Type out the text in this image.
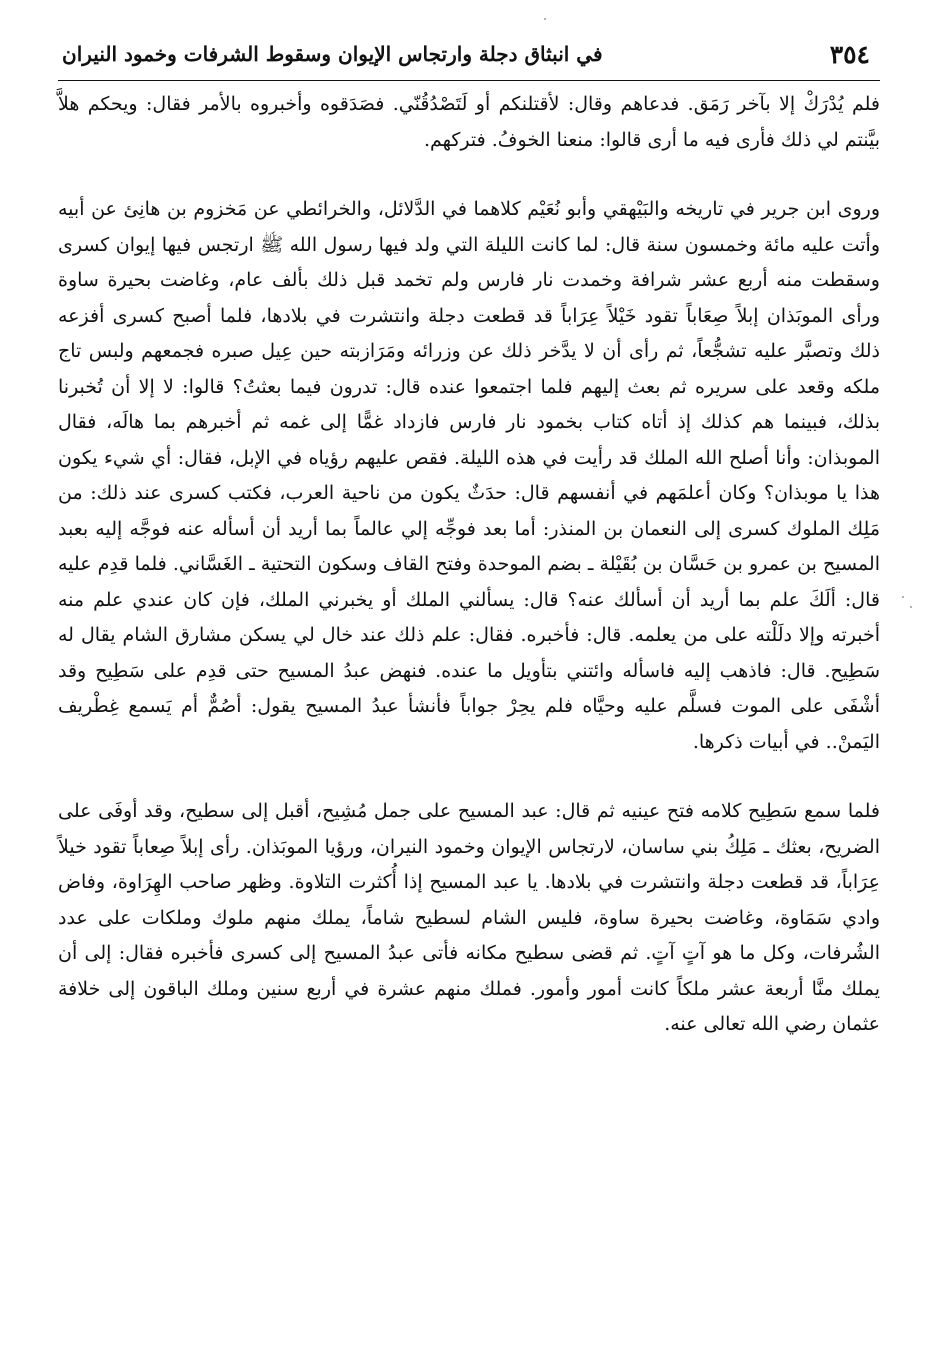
٣٥٤
في انبثاق دجلة وارتجاس الإيوان وسقوط الشرفات وخمود النيران

فلم يُدْرَكْ إلا بآخر رَمَق. فدعاهم وقال: لأقتلنكم أو لَتَصْدُقُنّي. فصَدَقوه وأخبروه بالأمر فقال: ويحكم هلاَّ بيَّنتم لي ذلك فأرى فيه ما أرى قالوا: منعنا الخوفُ. فتركهم.

وروى ابن جرير في تاريخه والبَيْهقي وأبو نُعَيْم كلاهما في الدَّلائل، والخرائطي عن مَخزوم بن هانِئ عن أبيه وأتت عليه مائة وخمسون سنة قال: لما كانت الليلة التي ولد فيها رسول الله ﷺ ارتجس فيها إيوان كسرى وسقطت منه أربع عشر شرافة وخمدت نار فارس ولم تخمد قبل ذلك بألف عام، وغاضت بحيرة ساوة ورأى الموبَذان إبلاً صِعَاباً تقود خَيْلاً عِرَاباً قد قطعت دجلة وانتشرت في بلادها، فلما أصبح كسرى أفزعه ذلك وتصبَّر عليه تشجُّعاً، ثم رأى أن لا يدَّخر ذلك عن وزرائه ومَرَازبته حين عِيل صبره فجمعهم ولبس تاج ملكه وقعد على سريره ثم بعث إليهم فلما اجتمعوا عنده قال: تدرون فيما بعثتُ؟ قالوا: لا إلا أن تُخبرنا بذلك، فبينما هم كذلك إذ أتاه كتاب بخمود نار فارس فازداد غمًّا إلى غمه ثم أخبرهم بما هالَه، فقال الموبذان: وأنا أصلح الله الملك قد رأيت في هذه الليلة. فقص عليهم رؤياه في الإبل، فقال: أي شيء يكون هذا يا موبذان؟ وكان أعلمَهم في أنفسهم قال: حدَثٌ يكون من ناحية العرب، فكتب كسرى عند ذلك: من مَلِك الملوك كسرى إلى النعمان بن المنذر: أما بعد فوجِّه إلي عالماً بما أريد أن أسأله عنه فوجَّه إليه بعبد المسيح بن عمرو بن حَسَّان بن بُقَيْلة ـ بضم الموحدة وفتح القاف وسكون التحتية ـ الغَسَّاني. فلما قدِم عليه قال: ألَكَ علم بما أريد أن أسألك عنه؟ قال: يسألني الملك أو يخبرني الملك، فإن كان عندي علم منه أخبرته وإلا دلَلْته على من يعلمه. قال: فأخبره. فقال: علم ذلك عند خال لي يسكن مشارق الشام يقال له سَطِيح. قال: فاذهب إليه فاسأله وائتني بتأويل ما عنده. فنهض عبدُ المسيح حتى قدِم على سَطِيح وقد أشْفَى على الموت فسلَّم عليه وحيَّاه فلم يحِرْ جواباً فأنشأ عبدُ المسيح يقول: أصُمٌّ أم يَسمع غِطْريف اليَمنْ.. في أبيات ذكرها.

فلما سمع سَطِيح كلامه فتح عينيه ثم قال: عبد المسيح على جمل مُشِيح، أقبل إلى سطيح، وقد أوفَى على الضريح، بعثك ـ مَلِكُ بني ساسان، لارتجاس الإيوان وخمود النيران، ورؤيا الموبَذان. رأى إبلاً صِعاباً تقود خيلاً عِرَاباً، قد قطعت دجلة وانتشرت في بلادها. يا عبد المسيح إذا أُكثرت التلاوة. وظهر صاحب الهِرَاوة، وفاض وادي سَمَاوة، وغاضت بحيرة ساوة، فليس الشام لسطيح شاماً، يملك منهم ملوك وملكات على عدد الشُرفات، وكل ما هو آتٍ آتٍ. ثم قضى سطيح مكانه فأتى عبدُ المسيح إلى كسرى فأخبره فقال: إلى أن يملك منَّا أربعة عشر ملكاً كانت أمور وأمور. فملك منهم عشرة في أربع سنين وملك الباقون إلى خلافة عثمان رضي الله تعالى عنه.
